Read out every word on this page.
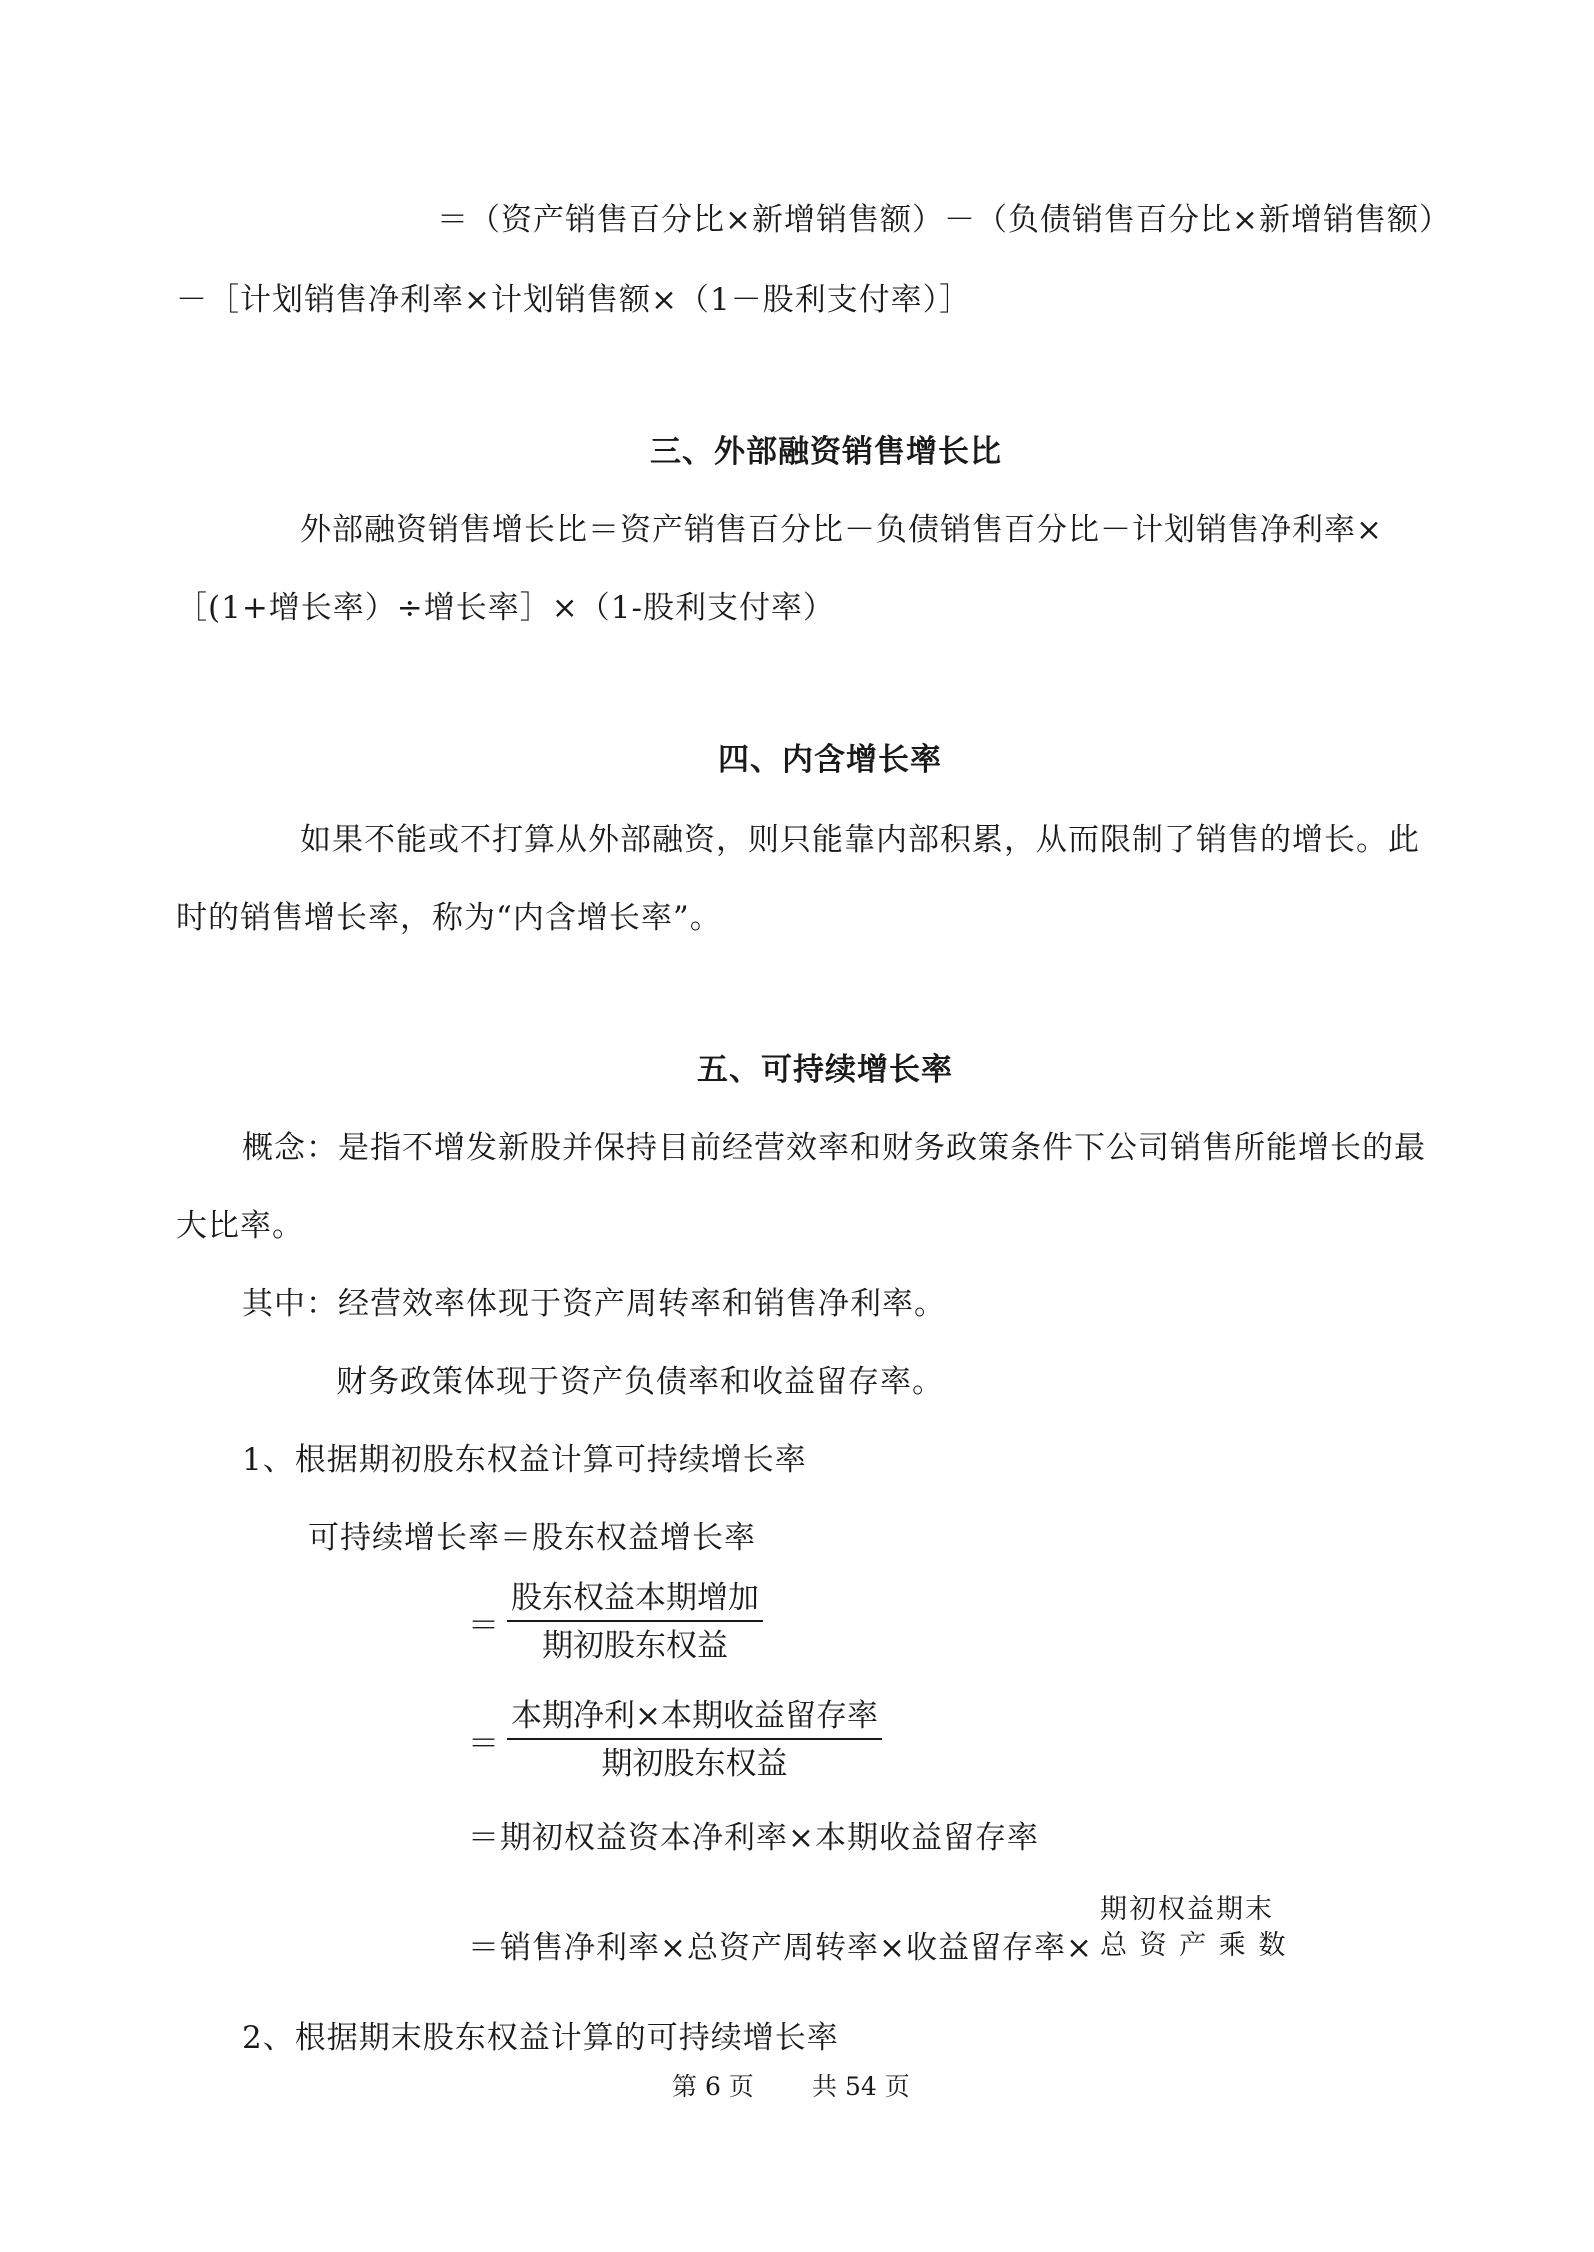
＝（资产销售百分比×新增销售额）－（负债销售百分比×新增销售额）
－［计划销售净利率×计划销售额×（1－股利支付率）］
三、外部融资销售增长比
外部融资销售增长比＝资产销售百分比－负债销售百分比－计划销售净利率×
［(1+增长率）÷增长率］×（1-股利支付率）
四、内含增长率
如果不能或不打算从外部融资，则只能靠内部积累，从而限制了销售的增长。此
时的销售增长率，称为“内含增长率”。
五、可持续增长率
概念：是指不增发新股并保持目前经营效率和财务政策条件下公司销售所能增长的最
大比率。
其中：经营效率体现于资产周转率和销售净利率。
财务政策体现于资产负债率和收益留存率。
1、根据期初股东权益计算可持续增长率
可持续增长率＝股东权益增长率
＝ $\frac{\text{股东权益本期增加}}{\text{期初股东权益}}$
＝ $\frac{\text{本期净利×本期收益留存率}}{\text{期初股东权益}}$
＝期初权益资本净利率×本期收益留存率
＝销售净利率×总资产周转率×收益留存率×
期初权益期末
总 资 产 乘 数
2、根据期末股东权益计算的可持续增长率
第 6 页 共 54 页
